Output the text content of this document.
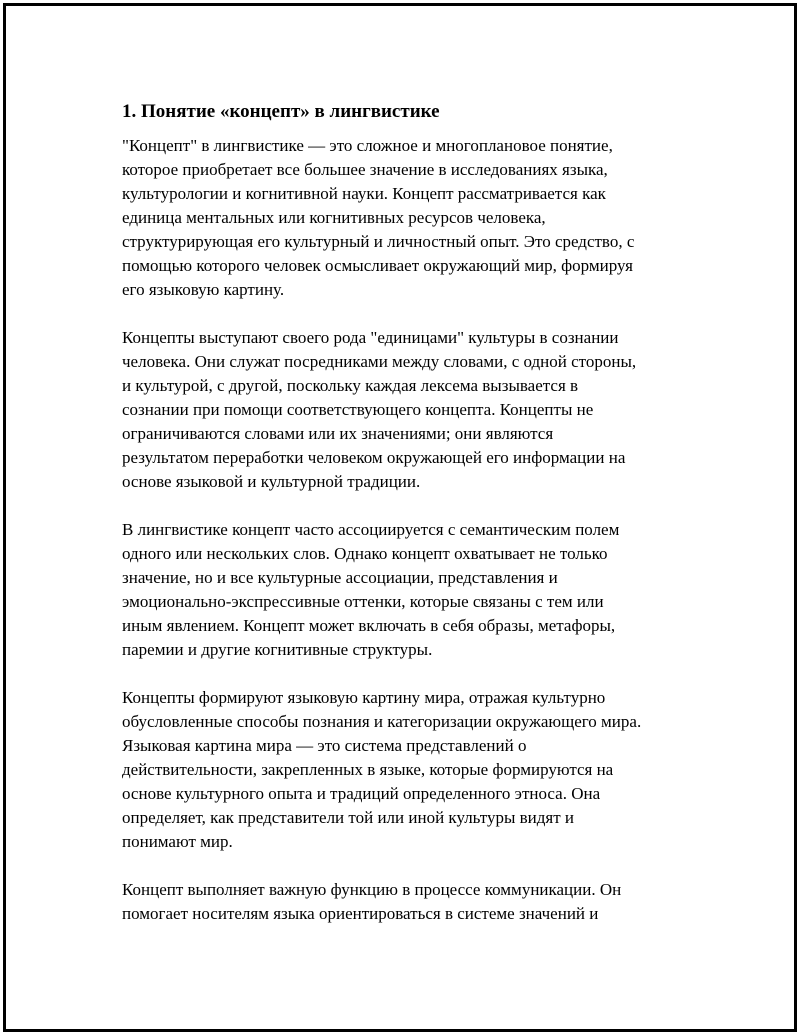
1. Понятие «концепт» в лингвистике

"Концепт" в лингвистике — это сложное и многоплановое понятие,
которое приобретает все большее значение в исследованиях языка,
культурологии и когнитивной науки. Концепт рассматривается как
единица ментальных или когнитивных ресурсов человека,
структурирующая его культурный и личностный опыт. Это средство, с
помощью которого человек осмысливает окружающий мир, формируя
его языковую картину.

Концепты выступают своего рода "единицами" культуры в сознании
человека. Они служат посредниками между словами, с одной стороны,
и культурой, с другой, поскольку каждая лексема вызывается в
сознании при помощи соответствующего концепта. Концепты не
ограничиваются словами или их значениями; они являются
результатом переработки человеком окружающей его информации на
основе языковой и культурной традиции.

В лингвистике концепт часто ассоциируется с семантическим полем
одного или нескольких слов. Однако концепт охватывает не только
значение, но и все культурные ассоциации, представления и
эмоционально-экспрессивные оттенки, которые связаны с тем или
иным явлением. Концепт может включать в себя образы, метафоры,
паремии и другие когнитивные структуры.

Концепты формируют языковую картину мира, отражая культурно
обусловленные способы познания и категоризации окружающего мира.
Языковая картина мира — это система представлений о
действительности, закрепленных в языке, которые формируются на
основе культурного опыта и традиций определенного этноса. Она
определяет, как представители той или иной культуры видят и
понимают мир.

Концепт выполняет важную функцию в процессе коммуникации. Он
помогает носителям языка ориентироваться в системе значений и
